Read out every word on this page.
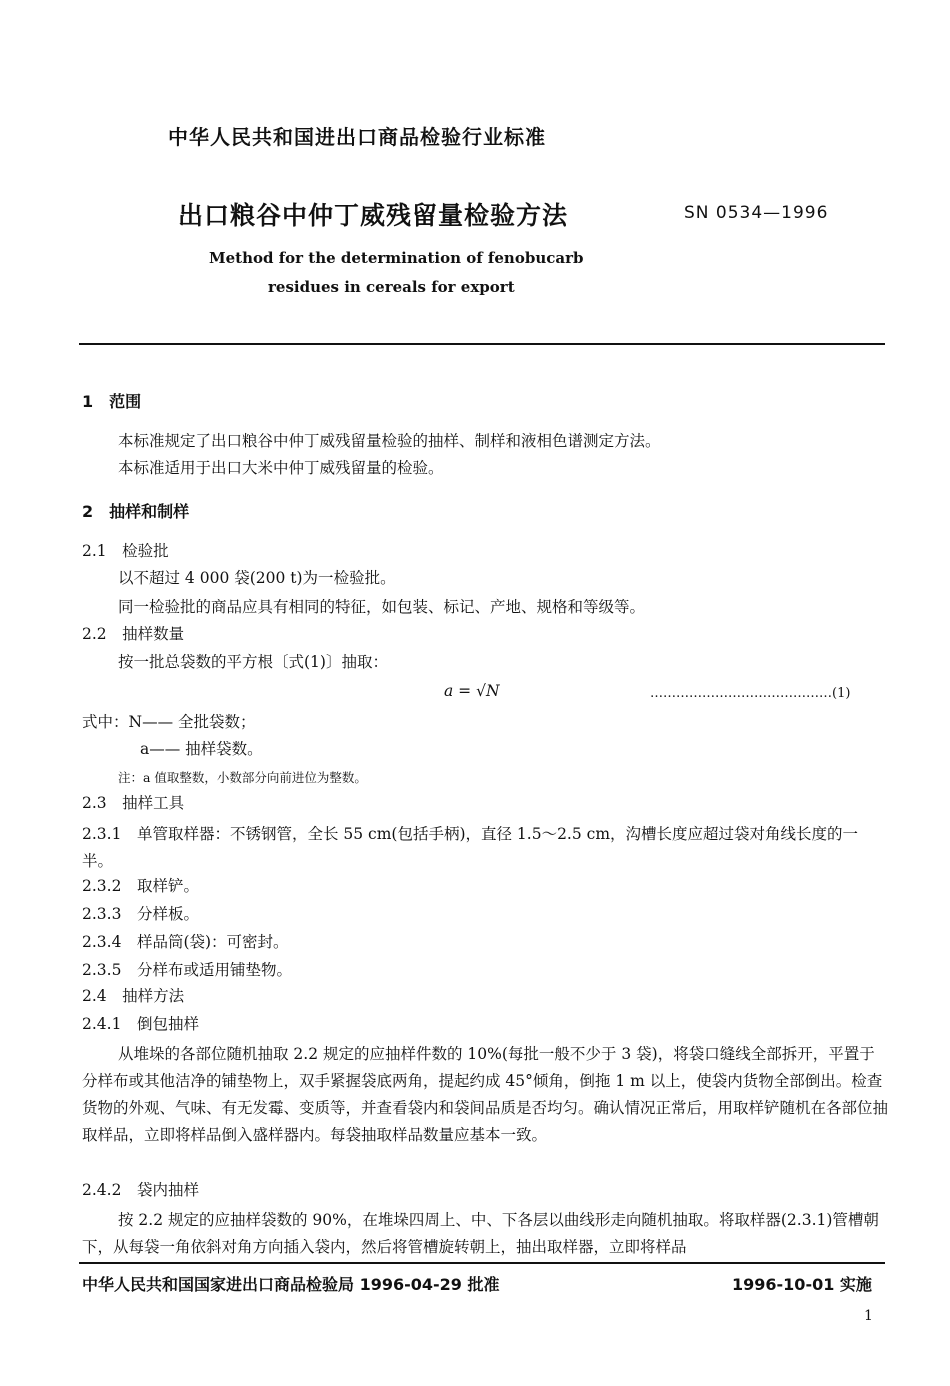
中华人民共和国进出口商品检验行业标准
出口粮谷中仲丁威残留量检验方法	SN 0534—1996
Method for the determination of fenobucarb
residues in cereals for export
1　范围
本标准规定了出口粮谷中仲丁威残留量检验的抽样、制样和液相色谱测定方法。
本标准适用于出口大米中仲丁威残留量的检验。
2　抽样和制样
2.1　检验批
以不超过 4 000 袋(200 t)为一检验批。
同一检验批的商品应具有相同的特征，如包装、标记、产地、规格和等级等。
2.2　抽样数量
按一批总袋数的平方根〔式(1)〕抽取：
a = √N	……………………………………(1)
式中：N—— 全批袋数；
a—— 抽样袋数。
注：a 值取整数，小数部分向前进位为整数。
2.3　抽样工具
2.3.1　单管取样器：不锈钢管，全长 55 cm(包括手柄)，直径 1.5～2.5 cm，沟槽长度应超过袋对角线长度的一半。
2.3.2　取样铲。
2.3.3　分样板。
2.3.4　样品筒(袋)：可密封。
2.3.5　分样布或适用铺垫物。
2.4　抽样方法
2.4.1　倒包抽样
从堆垛的各部位随机抽取 2.2 规定的应抽样件数的 10%(每批一般不少于 3 袋)，将袋口缝线全部拆开，平置于分样布或其他洁净的铺垫物上，双手紧握袋底两角，提起约成 45°倾角，倒拖 1 m 以上，使袋内货物全部倒出。检查货物的外观、气味、有无发霉、变质等，并查看袋内和袋间品质是否均匀。确认情况正常后，用取样铲随机在各部位抽取样品，立即将样品倒入盛样器内。每袋抽取样品数量应基本一致。
2.4.2　袋内抽样
按 2.2 规定的应抽样袋数的 90%，在堆垛四周上、中、下各层以曲线形走向随机抽取。将取样器(2.3.1)管槽朝下，从每袋一角依斜对角方向插入袋内，然后将管槽旋转朝上，抽出取样器，立即将样品
中华人民共和国国家进出口商品检验局 1996-04-29 批准	1996-10-01 实施
1
